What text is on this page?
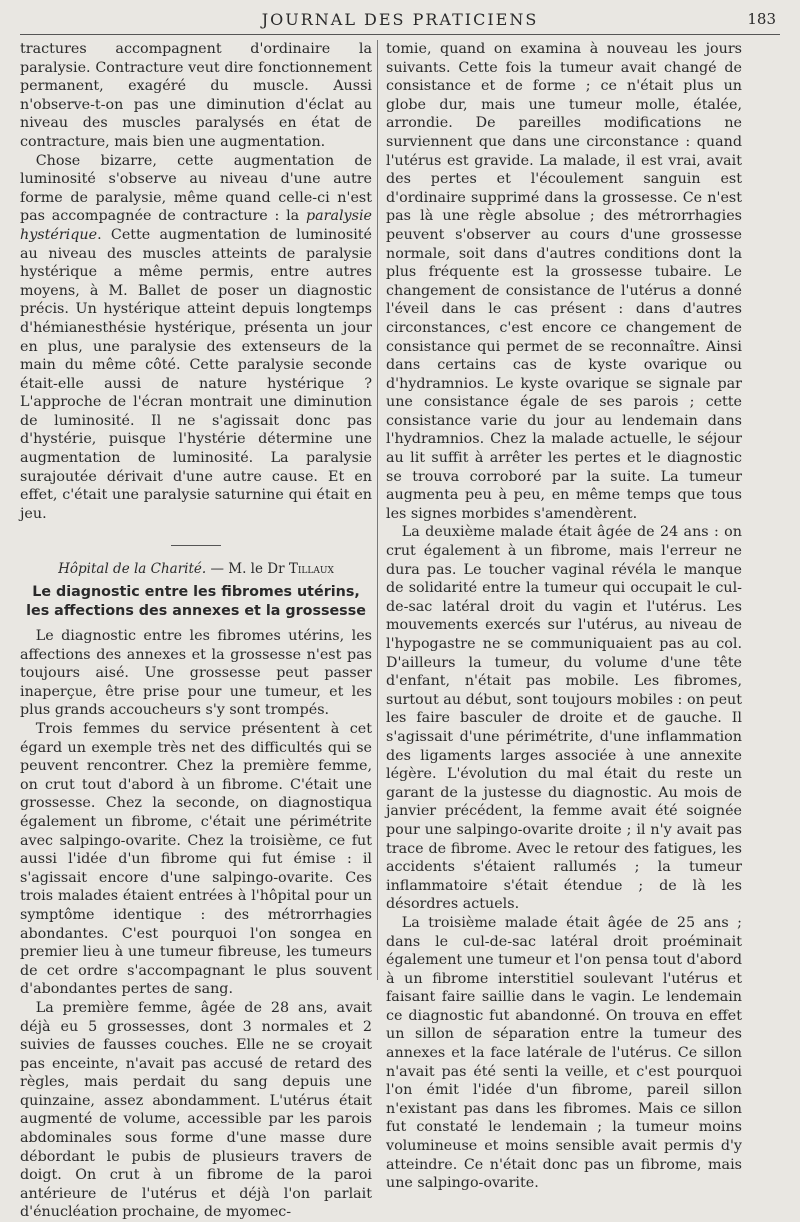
JOURNAL DES PRATICIENS	183

tractures accompagnent d'ordinaire la paralysie. Contracture veut dire fonctionnement permanent, exagéré du muscle. Aussi n'observe-t-on pas une diminution d'éclat au niveau des muscles paralysés en état de contracture, mais bien une augmentation.

Chose bizarre, cette augmentation de luminosité s'observe au niveau d'une autre forme de paralysie, même quand celle-ci n'est pas accompagnée de contracture : la paralysie hystérique. Cette augmentation de luminosité au niveau des muscles atteints de paralysie hystérique a même permis, entre autres moyens, à M. Ballet de poser un diagnostic précis. Un hystérique atteint depuis longtemps d'hémianesthésie hystérique, présenta un jour en plus, une paralysie des extenseurs de la main du même côté. Cette paralysie seconde était-elle aussi de nature hystérique ? L'approche de l'écran montrait une diminution de luminosité. Il ne s'agissait donc pas d'hystérie, puisque l'hystérie détermine une augmentation de luminosité. La paralysie surajoutée dérivait d'une autre cause. Et en effet, c'était une paralysie saturnine qui était en jeu.

Hôpital de la Charité. — M. le Dr Tillaux
Le diagnostic entre les fibromes utérins,
les affections des annexes et la grossesse

Le diagnostic entre les fibromes utérins, les affections des annexes et la grossesse n'est pas toujours aisé. Une grossesse peut passer inaperçue, être prise pour une tumeur, et les plus grands accoucheurs s'y sont trompés.

Trois femmes du service présentent à cet égard un exemple très net des difficultés qui se peuvent rencontrer. Chez la première femme, on crut tout d'abord à un fibrome. C'était une grossesse. Chez la seconde, on diagnostiqua également un fibrome, c'était une périmétrite avec salpingo-ovarite. Chez la troisième, ce fut aussi l'idée d'un fibrome qui fut émise : il s'agissait encore d'une salpingo-ovarite. Ces trois malades étaient entrées à l'hôpital pour un symptôme identique : des métrorrhagies abondantes. C'est pourquoi l'on songea en premier lieu à une tumeur fibreuse, les tumeurs de cet ordre s'accompagnant le plus souvent d'abondantes pertes de sang.

La première femme, âgée de 28 ans, avait déjà eu 5 grossesses, dont 3 normales et 2 suivies de fausses couches. Elle ne se croyait pas enceinte, n'avait pas accusé de retard des règles, mais perdait du sang depuis une quinzaine, assez abondamment. L'utérus était augmenté de volume, accessible par les parois abdominales sous forme d'une masse dure débordant le pubis de plusieurs travers de doigt. On crut à un fibrome de la paroi antérieure de l'utérus et déjà l'on parlait d'énucléation prochaine, de myomec-

tomie, quand on examina à nouveau les jours suivants. Cette fois la tumeur avait changé de consistance et de forme ; ce n'était plus un globe dur, mais une tumeur molle, étalée, arrondie. De pareilles modifications ne surviennent que dans une circonstance : quand l'utérus est gravide. La malade, il est vrai, avait des pertes et l'écoulement sanguin est d'ordinaire supprimé dans la grossesse. Ce n'est pas là une règle absolue ; des métrorrhagies peuvent s'observer au cours d'une grossesse normale, soit dans d'autres conditions dont la plus fréquente est la grossesse tubaire. Le changement de consistance de l'utérus a donné l'éveil dans le cas présent : dans d'autres circonstances, c'est encore ce changement de consistance qui permet de se reconnaître. Ainsi dans certains cas de kyste ovarique ou d'hydramnios. Le kyste ovarique se signale par une consistance égale de ses parois ; cette consistance varie du jour au lendemain dans l'hydramnios. Chez la malade actuelle, le séjour au lit suffit à arrêter les pertes et le diagnostic se trouva corroboré par la suite. La tumeur augmenta peu à peu, en même temps que tous les signes morbides s'amendèrent.

La deuxième malade était âgée de 24 ans : on crut également à un fibrome, mais l'erreur ne dura pas. Le toucher vaginal révéla le manque de solidarité entre la tumeur qui occupait le cul-de-sac latéral droit du vagin et l'utérus. Les mouvements exercés sur l'utérus, au niveau de l'hypogastre ne se communiquaient pas au col. D'ailleurs la tumeur, du volume d'une tête d'enfant, n'était pas mobile. Les fibromes, surtout au début, sont toujours mobiles : on peut les faire basculer de droite et de gauche. Il s'agissait d'une périmétrite, d'une inflammation des ligaments larges associée à une annexite légère. L'évolution du mal était du reste un garant de la justesse du diagnostic. Au mois de janvier précédent, la femme avait été soignée pour une salpingo-ovarite droite ; il n'y avait pas trace de fibrome. Avec le retour des fatigues, les accidents s'étaient rallumés ; la tumeur inflammatoire s'était étendue ; de là les désordres actuels.

La troisième malade était âgée de 25 ans ; dans le cul-de-sac latéral droit proéminait également une tumeur et l'on pensa tout d'abord à un fibrome interstitiel soulevant l'utérus et faisant faire saillie dans le vagin. Le lendemain ce diagnostic fut abandonné. On trouva en effet un sillon de séparation entre la tumeur des annexes et la face latérale de l'utérus. Ce sillon n'avait pas été senti la veille, et c'est pourquoi l'on émit l'idée d'un fibrome, pareil sillon n'existant pas dans les fibromes. Mais ce sillon fut constaté le lendemain ; la tumeur moins volumineuse et moins sensible avait permis d'y atteindre. Ce n'était donc pas un fibrome, mais une salpingo-ovarite.
